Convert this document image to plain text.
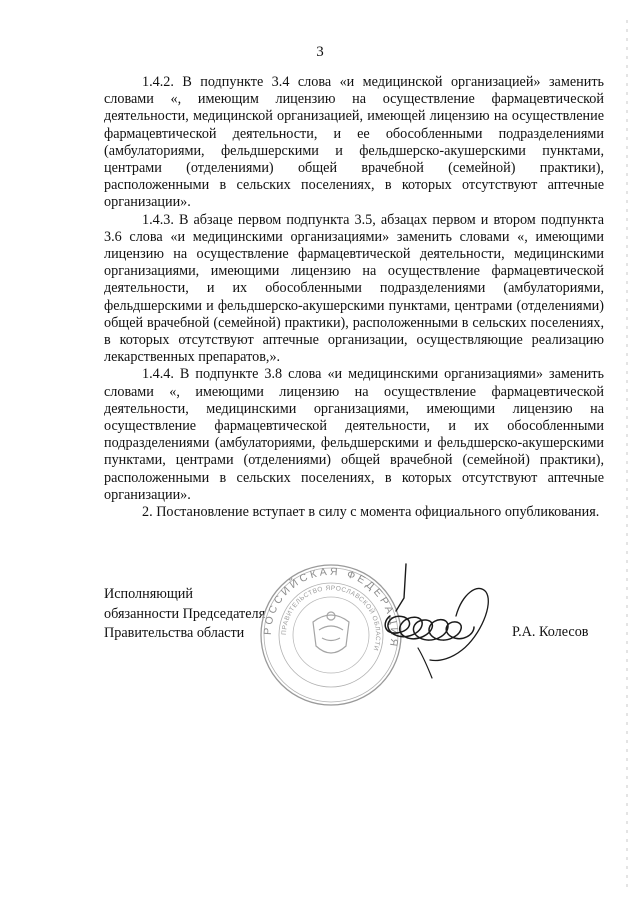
3

1.4.2. В подпункте 3.4 слова «и медицинской организацией» заменить словами «, имеющим лицензию на осуществление фармацевтической деятельности, медицинской организацией, имеющей лицензию на осуществление фармацевтической деятельности, и ее обособленными подразделениями (амбулаториями, фельдшерскими и фельдшерско-акушерскими пунктами, центрами (отделениями) общей врачебной (семейной) практики), расположенными в сельских поселениях, в которых отсутствуют аптечные организации».

1.4.3. В абзаце первом подпункта 3.5, абзацах первом и втором подпункта 3.6 слова «и медицинскими организациями» заменить словами «, имеющими лицензию на осуществление фармацевтической деятельности, медицинскими организациями, имеющими лицензию на осуществление фармацевтической деятельности, и их обособленными подразделениями (амбулаториями, фельдшерскими и фельдшерско-акушерскими пунктами, центрами (отделениями) общей врачебной (семейной) практики), расположенными в сельских поселениях, в которых отсутствуют аптечные организации, осуществляющие реализацию лекарственных препаратов,».

1.4.4. В подпункте 3.8 слова «и медицинскими организациями» заменить словами «, имеющими лицензию на осуществление фармацевтической деятельности, медицинскими организациями, имеющими лицензию на осуществление фармацевтической деятельности, и их обособленными подразделениями (амбулаториями, фельдшерскими и фельдшерско-акушерскими пунктами, центрами (отделениями) общей врачебной (семейной) практики), расположенными в сельских поселениях, в которых отсутствуют аптечные организации».

2. Постановление вступает в силу с момента официального опубликования.

Исполняющий
обязанности Председателя
Правительства области	Р.А. Колесов
РОССИЙСКАЯ ФЕДЕРАЦИЯ
ПРАВИТЕЛЬСТВО ЯРОСЛАВСКОЙ ОБЛАСТИ
